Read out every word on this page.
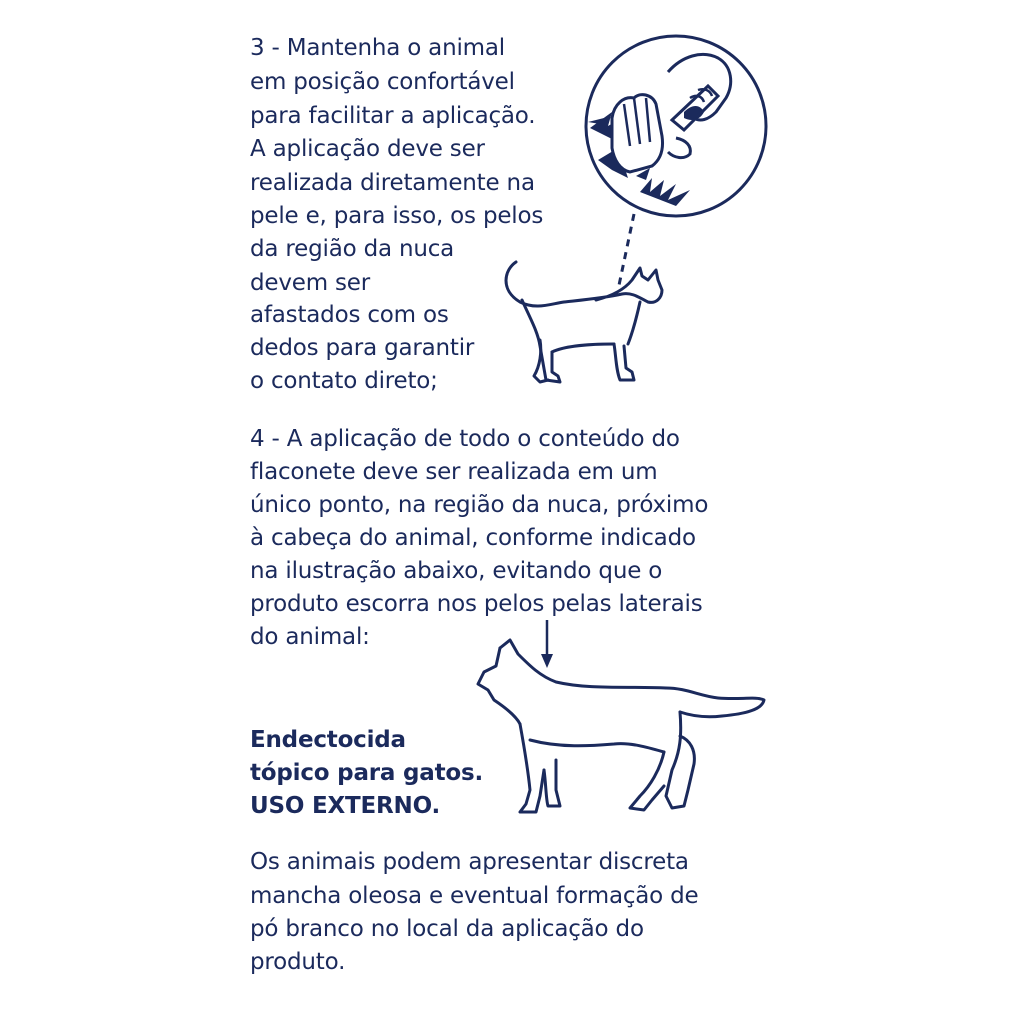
3 - Mantenha o animal
em posição confortável
para facilitar a aplicação.
A aplicação deve ser
realizada diretamente na
pele e, para isso, os pelos
da região da nuca
devem ser
afastados com os
dedos para garantir
o contato direto;
4 - A aplicação de todo o conteúdo do
flaconete deve ser realizada em um
único ponto, na região da nuca, próximo
à cabeça do animal, conforme indicado
na ilustração abaixo, evitando que o
produto escorra nos pelos pelas laterais
do animal:
Endectocida
tópico para gatos.
USO EXTERNO.
Os animais podem apresentar discreta
mancha oleosa e eventual formação de
pó branco no local da aplicação do
produto.
